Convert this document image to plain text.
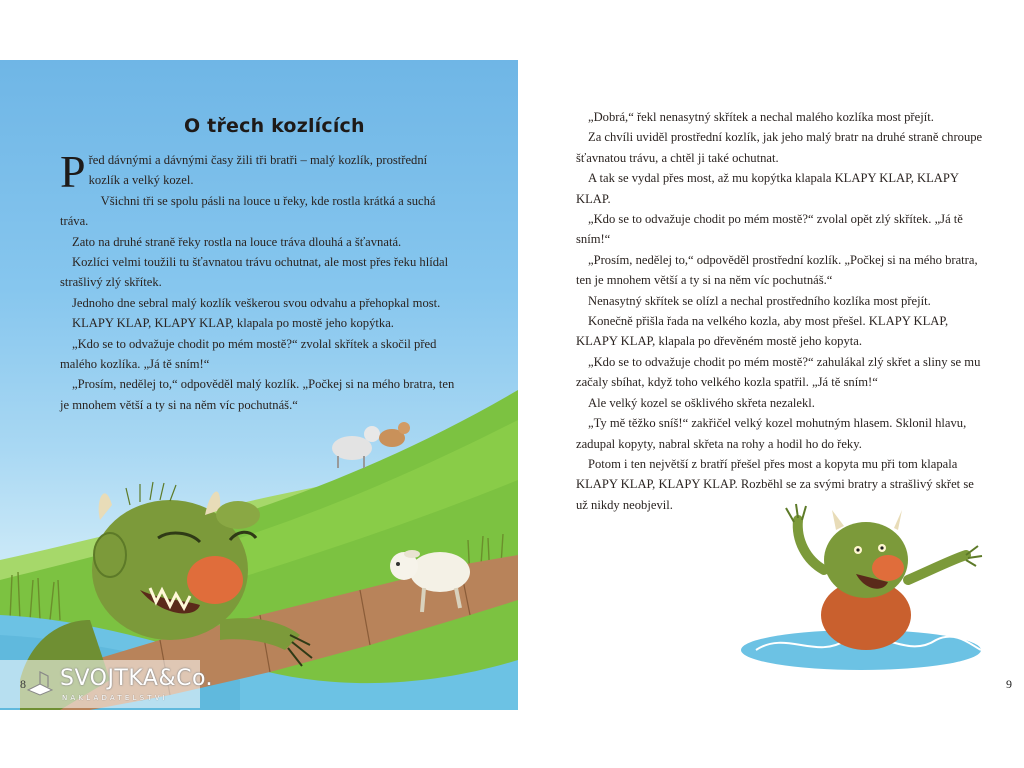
O třech kozlících

Před dávnými a dávnými časy žili tři bratři – malý kozlík, prostřední kozlík a velký kozel.

Všichni tři se spolu pásli na louce u řeky, kde rostla krátká a suchá tráva.

Zato na druhé straně řeky rostla na louce tráva dlouhá a šťavnatá.

Kozlíci velmi toužili tu šťavnatou trávu ochutnat, ale most přes řeku hlídal strašlivý zlý skřítek.

Jednoho dne sebral malý kozlík veškerou svou odvahu a přehopkal most.

KLAPY KLAP, KLAPY KLAP, klapala po mostě jeho kopýtka.

„Kdo se to odvažuje chodit po mém mostě?“ zvolal skřítek a skočil před malého kozlíka. „Já tě sním!“

„Prosím, nedělej to,“ odpověděl malý kozlík. „Počkej si na mého bratra, ten je mnohem větší a ty si na něm víc pochutnáš.“

SVOJTKA&Co.
NAKLADATELSTVÍ
8

„Dobrá,“ řekl nenasytný skřítek a nechal malého kozlíka most přejít.

Za chvíli uviděl prostřední kozlík, jak jeho malý bratr na druhé straně chroupe šťavnatou trávu, a chtěl ji také ochutnat.

A tak se vydal přes most, až mu kopýtka klapala KLAPY KLAP, KLAPY KLAP.

„Kdo se to odvažuje chodit po mém mostě?“ zvolal opět zlý skřítek. „Já tě sním!“

„Prosím, nedělej to,“ odpověděl prostřední kozlík. „Počkej si na mého bratra, ten je mnohem větší a ty si na něm víc pochutnáš.“

Nenasytný skřítek se olízl a nechal prostředního kozlíka most přejít.

Konečně přišla řada na velkého kozla, aby most přešel. KLAPY KLAP, KLAPY KLAP, klapala po dřevěném mostě jeho kopyta.

„Kdo se to odvažuje chodit po mém mostě?“ zahulákal zlý skřet a sliny se mu začaly sbíhat, když toho velkého kozla spatřil. „Já tě sním!“

Ale velký kozel se ošklivého skřeta nezalekl.

„Ty mě těžko sníš!“ zakřičel velký kozel mohutným hlasem. Sklonil hlavu, zadupal kopyty, nabral skřeta na rohy a hodil ho do řeky.

Potom i ten největší z bratří přešel přes most a kopyta mu při tom klapala KLAPY KLAP, KLAPY KLAP. Rozběhl se za svými bratry a strašlivý skřet se už nikdy neobjevil.

9
